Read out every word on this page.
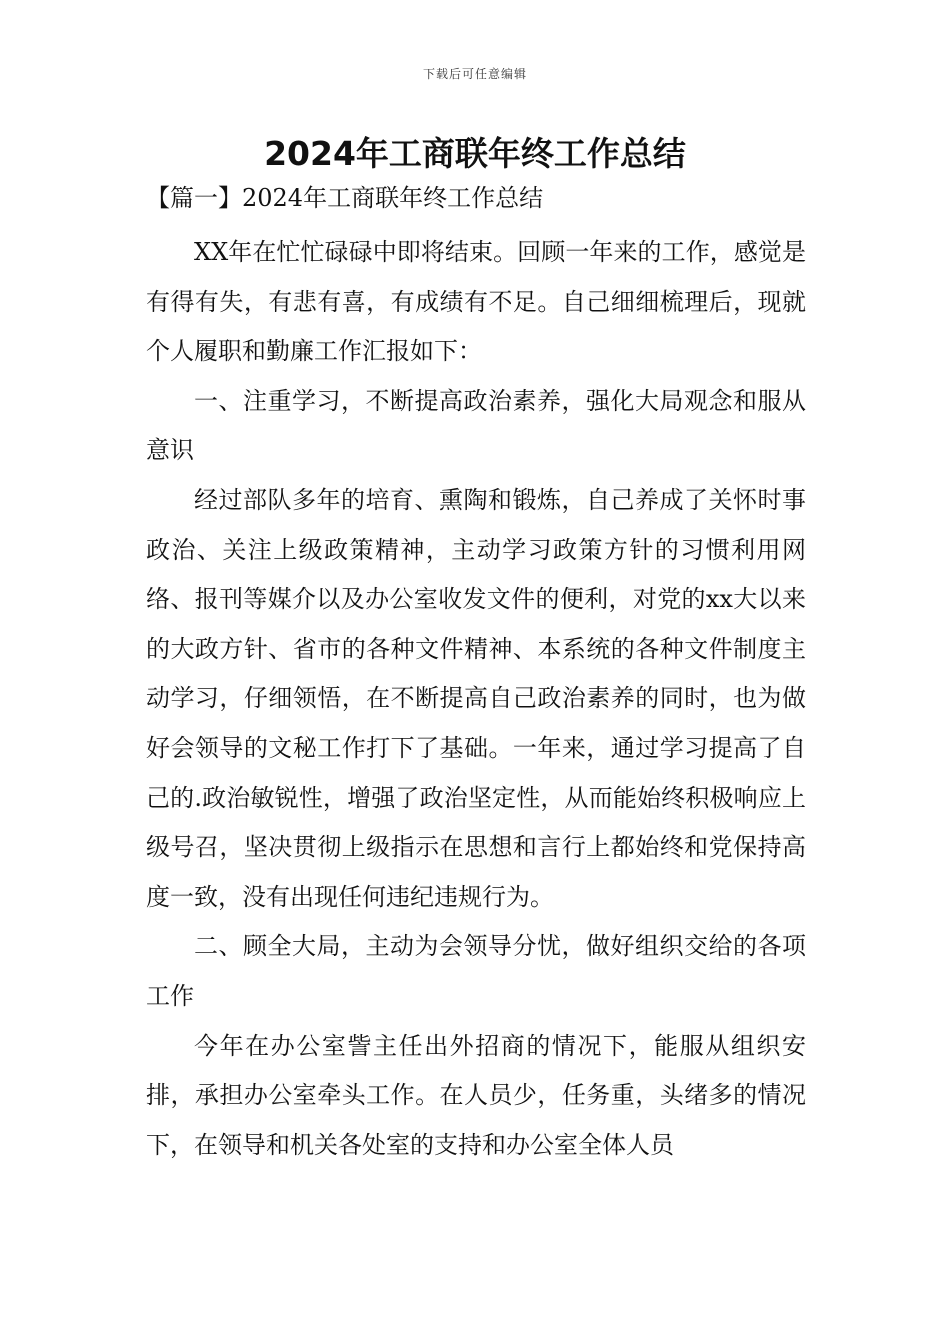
下载后可任意编辑
2024年工商联年终工作总结
【篇一】2024年工商联年终工作总结

XX年在忙忙碌碌中即将结束。回顾一年来的工作，感觉是有得有失，有悲有喜，有成绩有不足。自己细细梳理后，现就个人履职和勤廉工作汇报如下：

一、注重学习，不断提高政治素养，强化大局观念和服从意识

经过部队多年的培育、熏陶和锻炼，自己养成了关怀时事政治、关注上级政策精神，主动学习政策方针的习惯利用网络、报刊等媒介以及办公室收发文件的便利，对党的xx大以来的大政方针、省市的各种文件精神、本系统的各种文件制度主动学习，仔细领悟，在不断提高自己政治素养的同时，也为做好会领导的文秘工作打下了基础。一年来，通过学习提高了自己的.政治敏锐性，增强了政治坚定性，从而能始终积极响应上级号召，坚决贯彻上级指示在思想和言行上都始终和党保持高度一致，没有出现任何违纪违规行为。

二、顾全大局，主动为会领导分忧，做好组织交给的各项工作

今年在办公室訾主任出外招商的情况下，能服从组织安排，承担办公室牵头工作。在人员少，任务重，头绪多的情况下，在领导和机关各处室的支持和办公室全体人员
